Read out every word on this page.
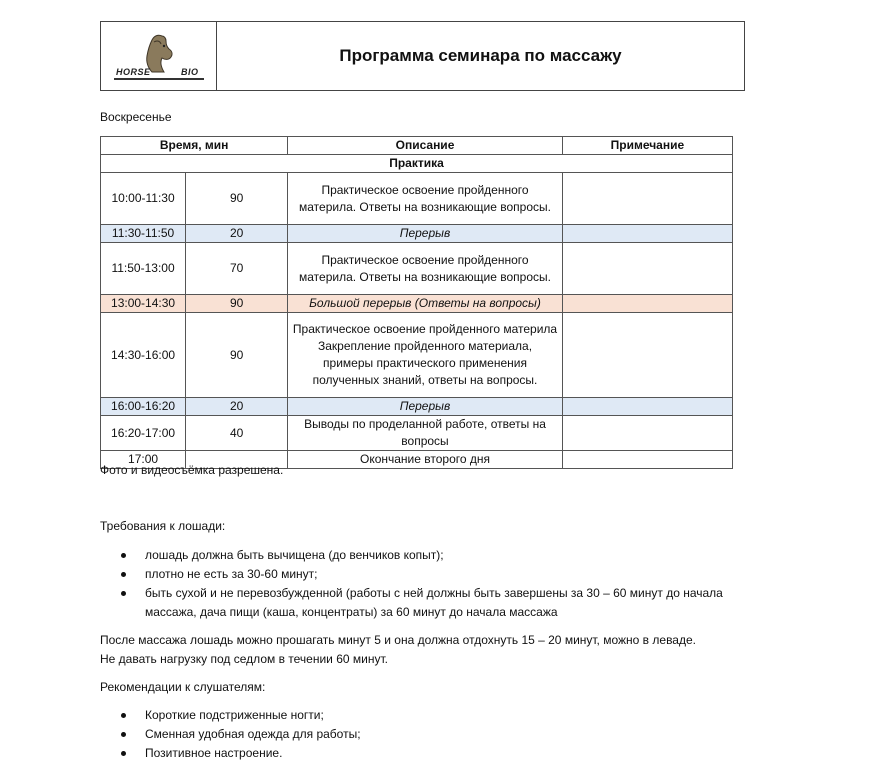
HORSE	BIO
Программа семинара по массажу
Воскресенье
Время, мин		Описание	Примечание
Практика			
10:00-11:30	90	Практическое освоение пройденного материла. Ответы на возникающие вопросы.	
11:30-11:50	20	Перерыв	
11:50-13:00	70	Практическое освоение пройденного материла. Ответы на возникающие вопросы.	
13:00-14:30	90	Большой перерыв (Ответы на вопросы)	
14:30-16:00	90	Практическое освоение пройденного материла
Закрепление пройденного материала, примеры практического применения полученных знаний, ответы на вопросы.	

16:00-16:20	20	Перерыв	
16:20-17:00	40	Выводы по проделанной работе, ответы на вопросы	
17:00		Окончание второго дня	
Фото и видеосъёмка разрешена.
Требования к лошади:
лошадь должна быть вычищена (до венчиков копыт);
плотно не есть за 30-60 минут;
быть сухой и не перевозбужденной (работы с ней должны быть завершены за 30 – 60 минут до начала массажа, дача пищи (каша, концентраты) за 60 минут до начала массажа
После массажа лошадь можно прошагать минут 5 и она должна отдохнуть 15 – 20 минут, можно в леваде.
Не давать нагрузку под седлом в течении 60 минут.
Рекомендации к слушателям:
Короткие подстриженные ногти;
Сменная удобная одежда для работы;
Позитивное настроение.
